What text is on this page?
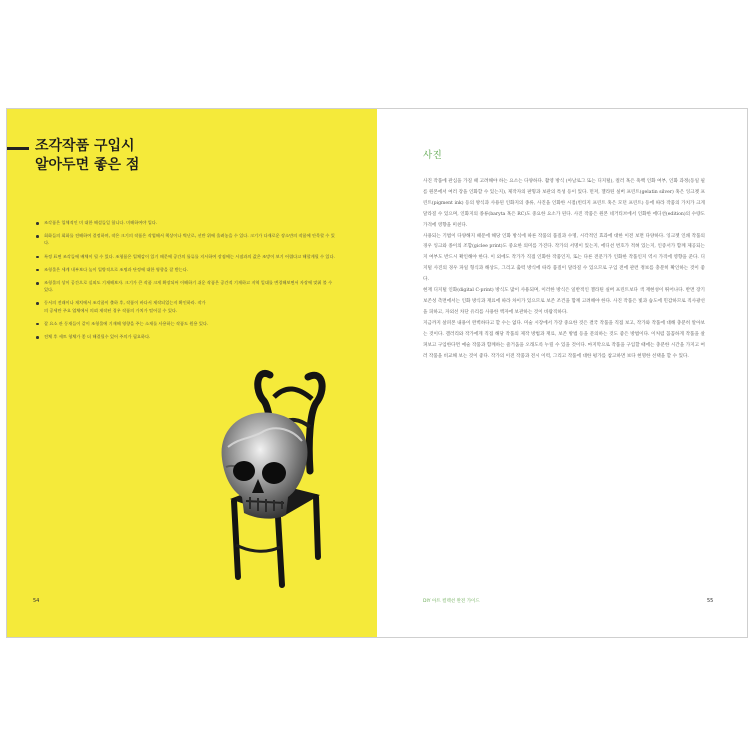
조각작품 구입시
알아두면 좋은 점
조각품은 입체적인 미 대한 해설들일 합니다. 미해하여야 입다.
회화들의 회화를 전해하여 결정하며, 작은 크기의 작품은 작업해서 책상이나 벽난로, 선반 위에 올려놓을 수 있다. 크기가 다재로운 장소만의 작품에 안목할 수 있다.
특정 표면 조각들에 배체이 될 수 있다. 조형품은 입체감이 있기 때문에 공간의 틀류를 지시하여 장점에는 시점과의 값은 조망이 보기 어렵다고 해할게될 수 있다.
조형물은 세계 내부보다 높이 입방적으로 조명과 단정에 대한 영향을 잘 받는다.
조형물의 상이 공간으로 실외도 기재해보자. 크기가 큰 작품 크게 확장되어 이해하기 쉬운 작품은 공간적 기재하고 지역 일대를 변경해보면서 자장에 맞춰 볼 수 있다.
동서의 전래이나 재치에서 조각품이 출하 후, 작품이 바다서 제작되었는지 확인하라. 작가의 공세만 주요 업체에서 의뢰 제작된 경우 작품의 가치가 떨어질 수 있다.
잘 요소 관 동재들이 같이 조형물에 기재해 영향을 주는 소재를 사용하는 작품도 원용 있다.
전체 후 세트 형체가 좋 더 해결될수 있어 주의가 필요하다.
54
사진

사진 작품에 관심을 가질 때 고려해야 하는 요소는 다양하다. 촬영 방식 (아날로그 또는 디지털), 컬러 혹은 흑백 인화 여부, 인화 과정(동일 필름 원본에서 여러 장을 인화할 수 있는지), 제작자의 판형과 보관의 특성 등이 있다. 먼저, 젤라틴 실버 프린트(gelatin silver) 혹은 잉크젯 프린트(pigment ink) 등의 방식과 사용된 인화지의 종류, 사진을 인화한 시점(빈티지 프린트 혹은 모던 프린트) 등에 따라 작품의 가치가 크게 달라질 수 있으며, 인화지의 종류(baryta 혹은 RC)도 중요한 요소가 된다. 사진 작품은 원본 네거티브에서 인화한 에디션(edition)의 수량도 가격에 영향을 미친다.

사용되는 기법이 다양해지 때문에 해당 인화 방식에 따른 작품의 품질과 수명, 시각적인 효과에 대한 이전 보면 다양하다. 잉크젯 인쇄 작품의 경우 잉크와 종이의 조합(giclee print)도 중요한 의미를 가진다. 작가의 서명이 있는지, 에디션 번호가 적혀 있는지, 인증서가 함께 제공되는지 여부도 반드시 확인해야 한다. 이 외에도 작가가 직접 인화한 작품인지, 또는 다른 전문가가 인화한 작품인지 역시 가격에 영향을 준다. 디지털 사진의 경우 파일 형식과 해상도, 그리고 출력 방식에 따라 품질이 달라질 수 있으므로 구입 전에 관련 정보를 충분히 확인하는 것이 좋다.

현재 디지털 인화(digital C-print) 방식도 많이 사용되며, 이러한 방식은 일반적인 젤라틴 실버 프린트보다 색 재현성이 뛰어나다. 반면 장기 보존성 측면에서는 인화 방식과 재료에 따라 차이가 있으므로 보존 조건을 함께 고려해야 한다. 사진 작품은 빛과 습도에 민감하므로 직사광선을 피하고, 자외선 차단 유리를 사용한 액자에 보관하는 것이 바람직하다.

지금까지 살펴본 내용이 완벽하다고 할 수는 없다. 미술 시장에서 가장 중요한 것은 결국 작품을 직접 보고, 작가와 작품에 대해 충분히 알아보는 것이다. 갤러리와 작가에게 직접 해당 작품의 제작 방법과 재료, 보존 방법 등을 문의하는 것도 좋은 방법이다. 이처럼 꼼꼼하게 작품을 살펴보고 구입한다면 예술 작품과 함께하는 즐거움을 오래도록 누릴 수 있을 것이다. 마지막으로 작품을 구입할 때에는 충분한 시간을 가지고 여러 작품을 비교해 보는 것이 좋다. 작가의 이전 작품과 전시 이력, 그리고 작품에 대한 평가를 참고하면 보다 현명한 선택을 할 수 있다.

DIY 아트 컬렉션 완전 가이드	55
